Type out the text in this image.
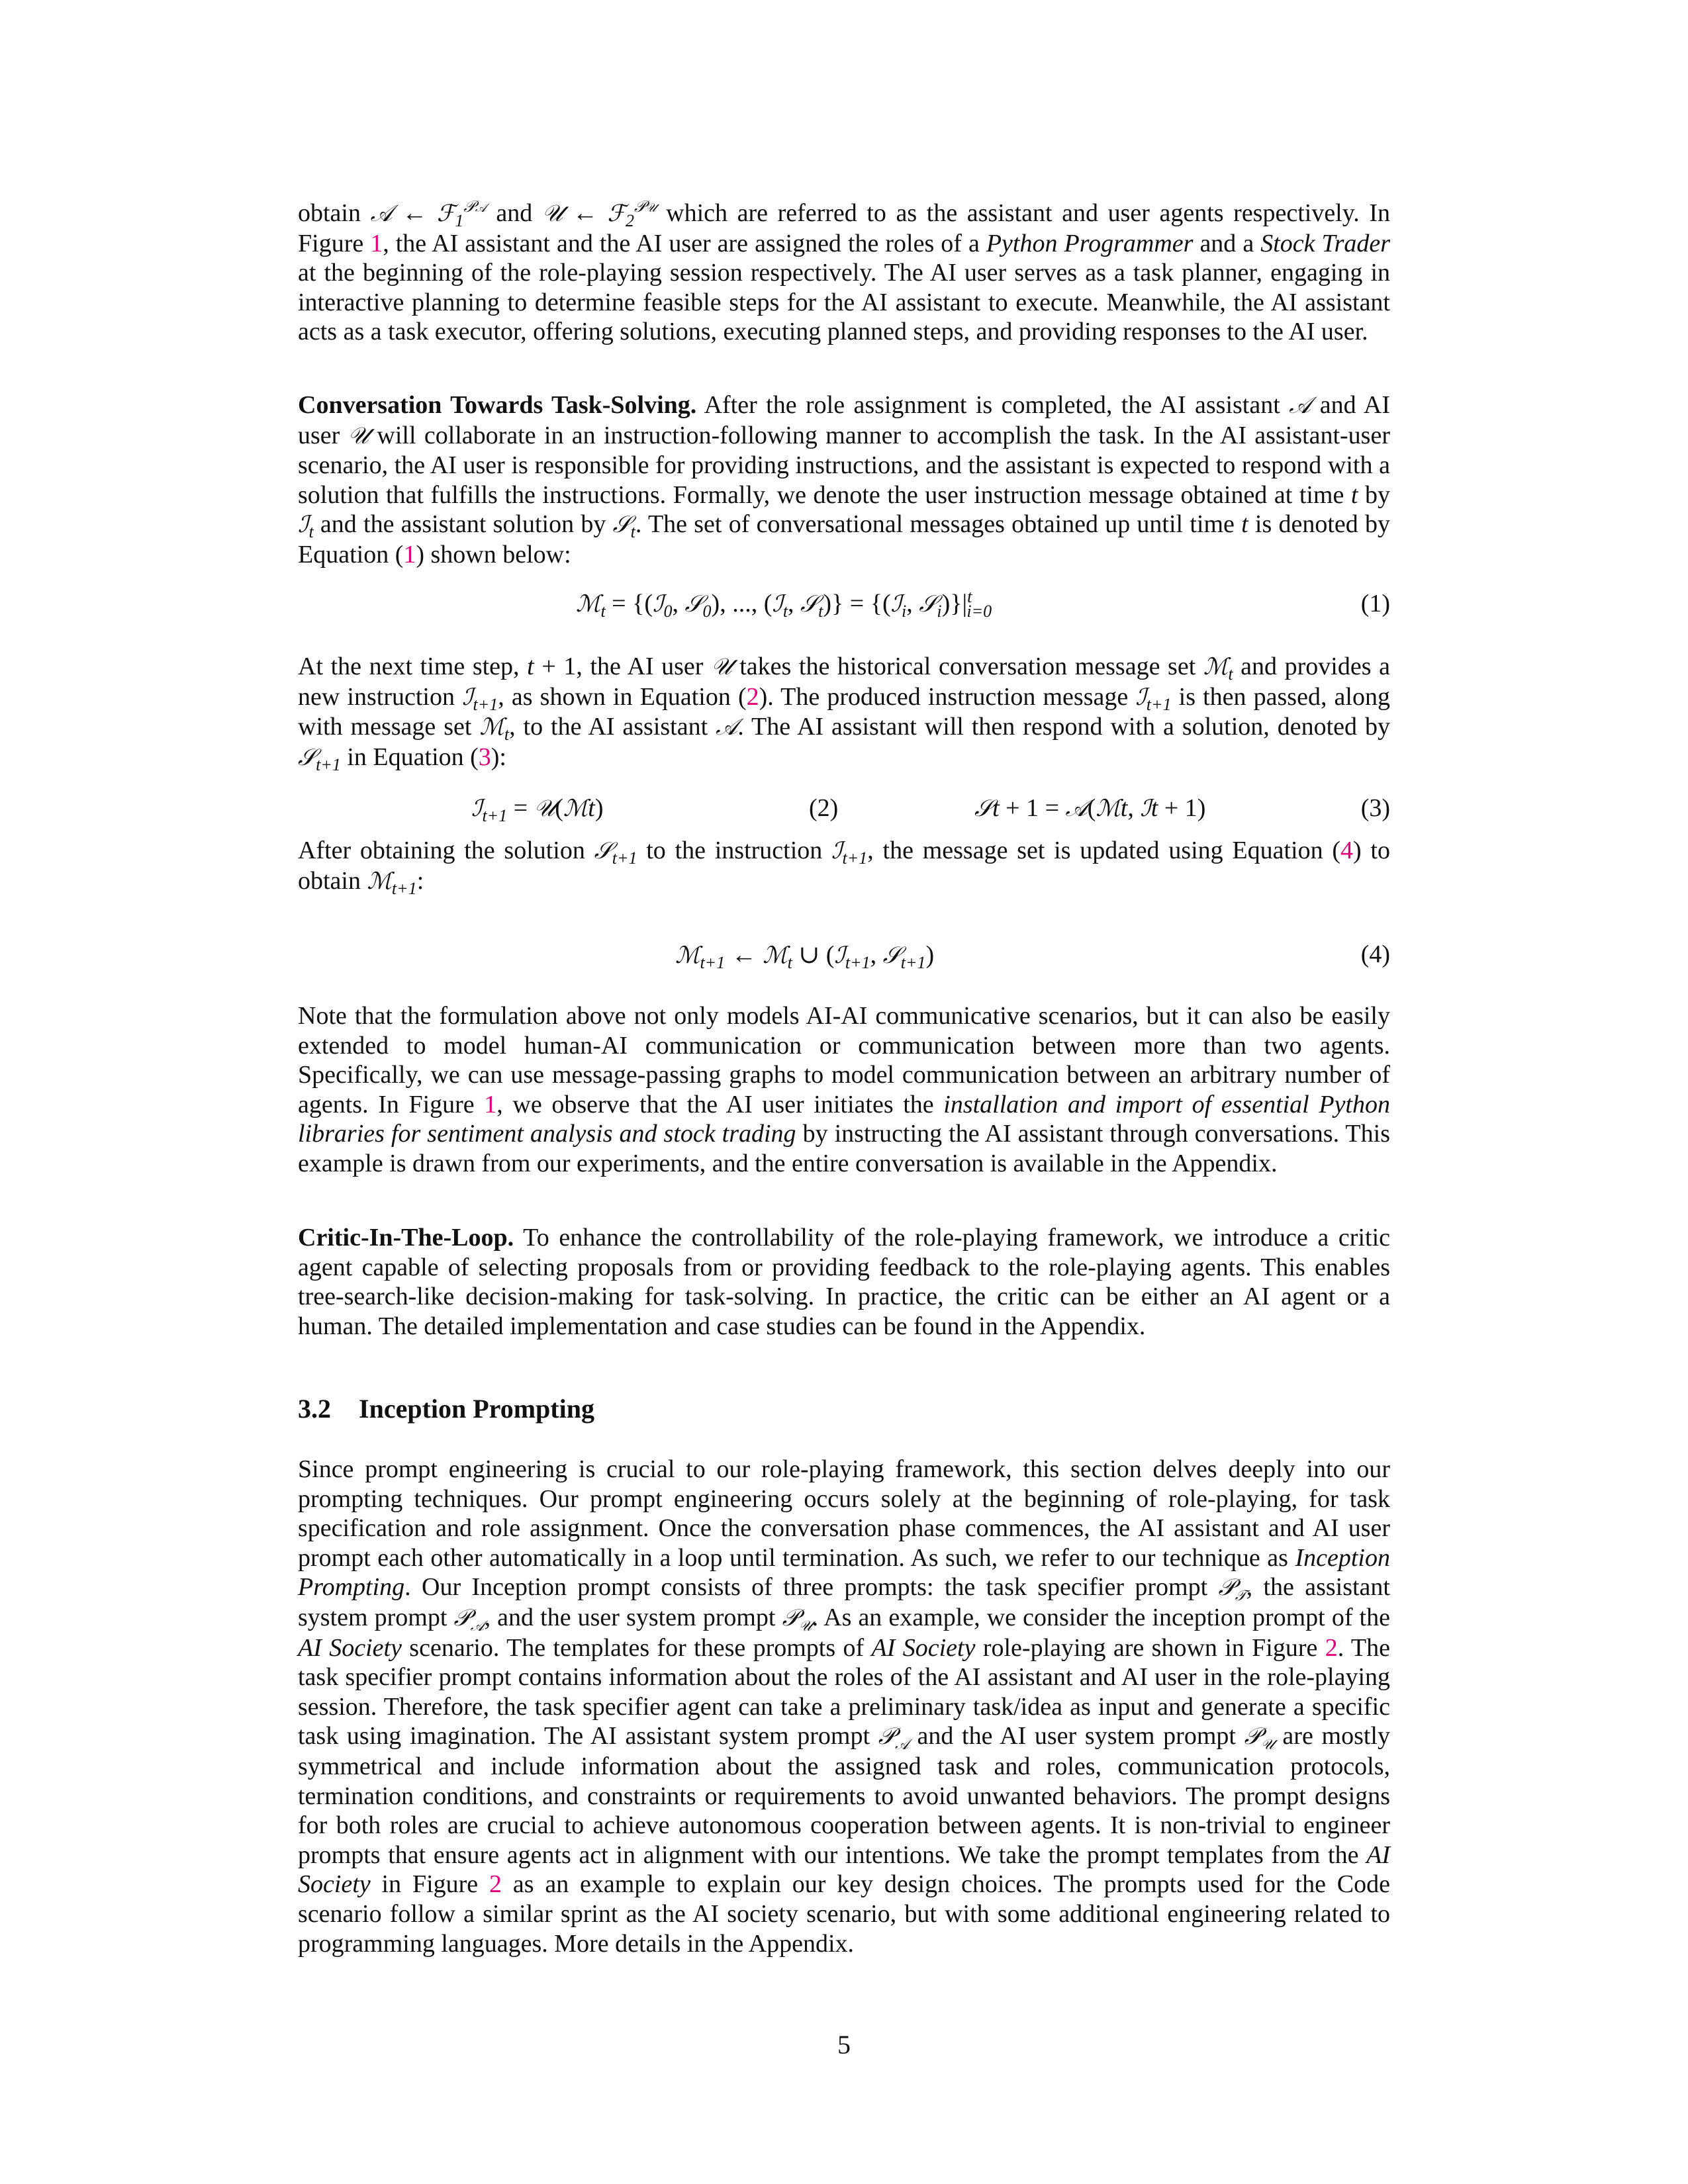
obtain 𝒜 ← ℱ$_1^{𝒫𝒜}$ and 𝒰 ← ℱ$_2^{𝒫𝒰}$ which are referred to as the assistant and user agents respectively. In Figure 1, the AI assistant and the AI user are assigned the roles of a Python Programmer and a Stock Trader at the beginning of the role-playing session respectively. The AI user serves as a task planner, engaging in interactive planning to determine feasible steps for the AI assistant to execute. Meanwhile, the AI assistant acts as a task executor, offering solutions, executing planned steps, and providing responses to the AI user.

Conversation Towards Task-Solving. After the role assignment is completed, the AI assistant 𝒜 and AI user 𝒰 will collaborate in an instruction-following manner to accomplish the task. In the AI assistant-user scenario, the AI user is responsible for providing instructions, and the assistant is expected to respond with a solution that fulfills the instructions. Formally, we denote the user instruction message obtained at time t by ℐ$_t$ and the assistant solution by 𝒮$_t$. The set of conversational messages obtained up until time t is denoted by Equation (1) shown below:

ℳ$_t$ = {(ℐ$_0$, 𝒮$_0$), ..., (ℐ$_t$, 𝒮$_t$)} = {(ℐ$_i$, $𝒮_i)\}|^t_{i=0}$	(1)

At the next time step, t + 1, the AI user 𝒰 takes the historical conversation message set ℳ$_t$ and provides a new instruction ℐ$_{t+1}$, as shown in Equation (2). The produced instruction message ℐ$_{t+1}$ is then passed, along with message set ℳ$_t$, to the AI assistant 𝒜. The AI assistant will then respond with a solution, denoted by 𝒮$_{t+1}$ in Equation (3):

ℐ$_{t+1}$ = 𝒰(ℳt)	(2)	𝒮t + 1 = 𝒜(ℳt, ℐt + 1)	(3)

After obtaining the solution 𝒮$_{t+1}$ to the instruction ℐ$_{t+1}$, the message set is updated using Equation (4) to obtain ℳ$_{t+1}$:

ℳ$_{t+1}$ ← ℳ$_t$ ∪ (ℐ$_{t+1}$, 𝒮$_{t+1}$)	(4)

Note that the formulation above not only models AI-AI communicative scenarios, but it can also be easily extended to model human-AI communication or communication between more than two agents. Specifically, we can use message-passing graphs to model communication between an arbitrary number of agents. In Figure 1, we observe that the AI user initiates the installation and import of essential Python libraries for sentiment analysis and stock trading by instructing the AI assistant through conversations. This example is drawn from our experiments, and the entire conversation is available in the Appendix.

Critic-In-The-Loop. To enhance the controllability of the role-playing framework, we introduce a critic agent capable of selecting proposals from or providing feedback to the role-playing agents. This enables tree-search-like decision-making for task-solving. In practice, the critic can be either an AI agent or a human. The detailed implementation and case studies can be found in the Appendix.

3.2 Inception Prompting

Since prompt engineering is crucial to our role-playing framework, this section delves deeply into our prompting techniques. Our prompt engineering occurs solely at the beginning of role-playing, for task specification and role assignment. Once the conversation phase commences, the AI assistant and AI user prompt each other automatically in a loop until termination. As such, we refer to our technique as Inception Prompting. Our Inception prompt consists of three prompts: the task specifier prompt 𝒫$_𝒯$, the assistant system prompt 𝒫$_𝒜$, and the user system prompt 𝒫$_𝒰$. As an example, we consider the inception prompt of the AI Society scenario. The templates for these prompts of AI Society role-playing are shown in Figure 2. The task specifier prompt contains information about the roles of the AI assistant and AI user in the role-playing session. Therefore, the task specifier agent can take a preliminary task/idea as input and generate a specific task using imagination. The AI assistant system prompt 𝒫$_𝒜$ and the AI user system prompt 𝒫$_𝒰$ are mostly symmetrical and include information about the assigned task and roles, communication protocols, termination conditions, and constraints or requirements to avoid unwanted behaviors. The prompt designs for both roles are crucial to achieve autonomous cooperation between agents. It is non-trivial to engineer prompts that ensure agents act in alignment with our intentions. We take the prompt templates from the AI Society in Figure 2 as an example to explain our key design choices. The prompts used for the Code scenario follow a similar sprint as the AI society scenario, but with some additional engineering related to programming languages. More details in the Appendix.

5
